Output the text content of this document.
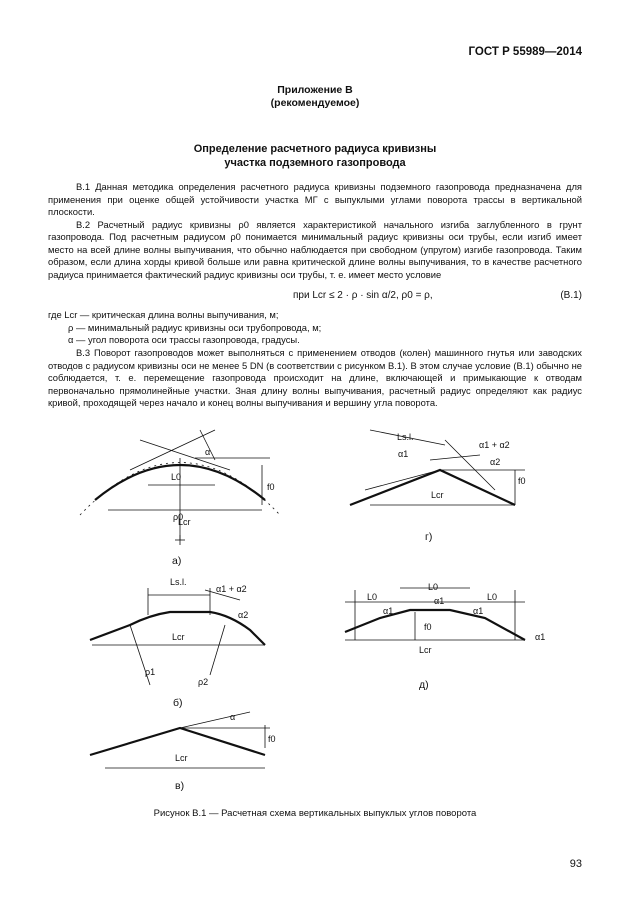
ГОСТ Р 55989—2014
Приложение В
(рекомендуемое)
Определение расчетного радиуса кривизны
участка подземного газопровода

В.1 Данная методика определения расчетного радиуса кривизны подземного газопровода предназначена для применения при оценке общей устойчивости участка МГ с выпуклыми углами поворота трассы в вертикальной плоскости.

В.2 Расчетный радиус кривизны ρ0 является характеристикой начального изгиба заглубленного в грунт газопровода. Под расчетным радиусом ρ0 понимается минимальный радиус кривизны оси трубы, если изгиб имеет место на всей длине волны выпучивания, что обычно наблюдается при свободном (упругом) изгибе газопровода. Таким образом, если длина хорды кривой больше или равна критической длине волны выпучивания, то в качестве расчетного радиуса принимается фактический радиус кривизны оси трубы, т. е. имеет место условие

при Lcr ≤ 2 · ρ · sin α/2, ρ0 = ρ,	(В.1)
где Lcr — критическая длина волны выпучивания, м;
ρ — минимальный радиус кривизны оси трубопровода, м;
α — угол поворота оси трассы газопровода, градусы.

В.3 Поворот газопроводов может выполняться с применением отводов (колен) машинного гнутья или заводских отводов с радиусом кривизны оси не менее 5 DN (в соответствии с рисунком В.1). В этом случае условие (В.1) обычно не соблюдается, т. е. перемещение газопровода происходит на длине, включающей и примыкающие к отводам первоначально прямолинейные участки. Зная длину волны выпучивания, расчетный радиус определяют как радиус кривой, проходящей через начало и конец волны выпучивания и вершину угла поворота.

α
L0
Lcr
f0
ρ0
Ls.l.
α1 + α2
α1
α2
Lcr
f0
Ls.l.
α1 + α2
α2
Lcr
ρ1
ρ2
L0
L0
L0
α1
α1
α1
α1
f0
Lcr
α
f0
Lcr
а)
г)
б)
д)
в)
Рисунок В.1 — Расчетная схема вертикальных выпуклых углов поворота
93
